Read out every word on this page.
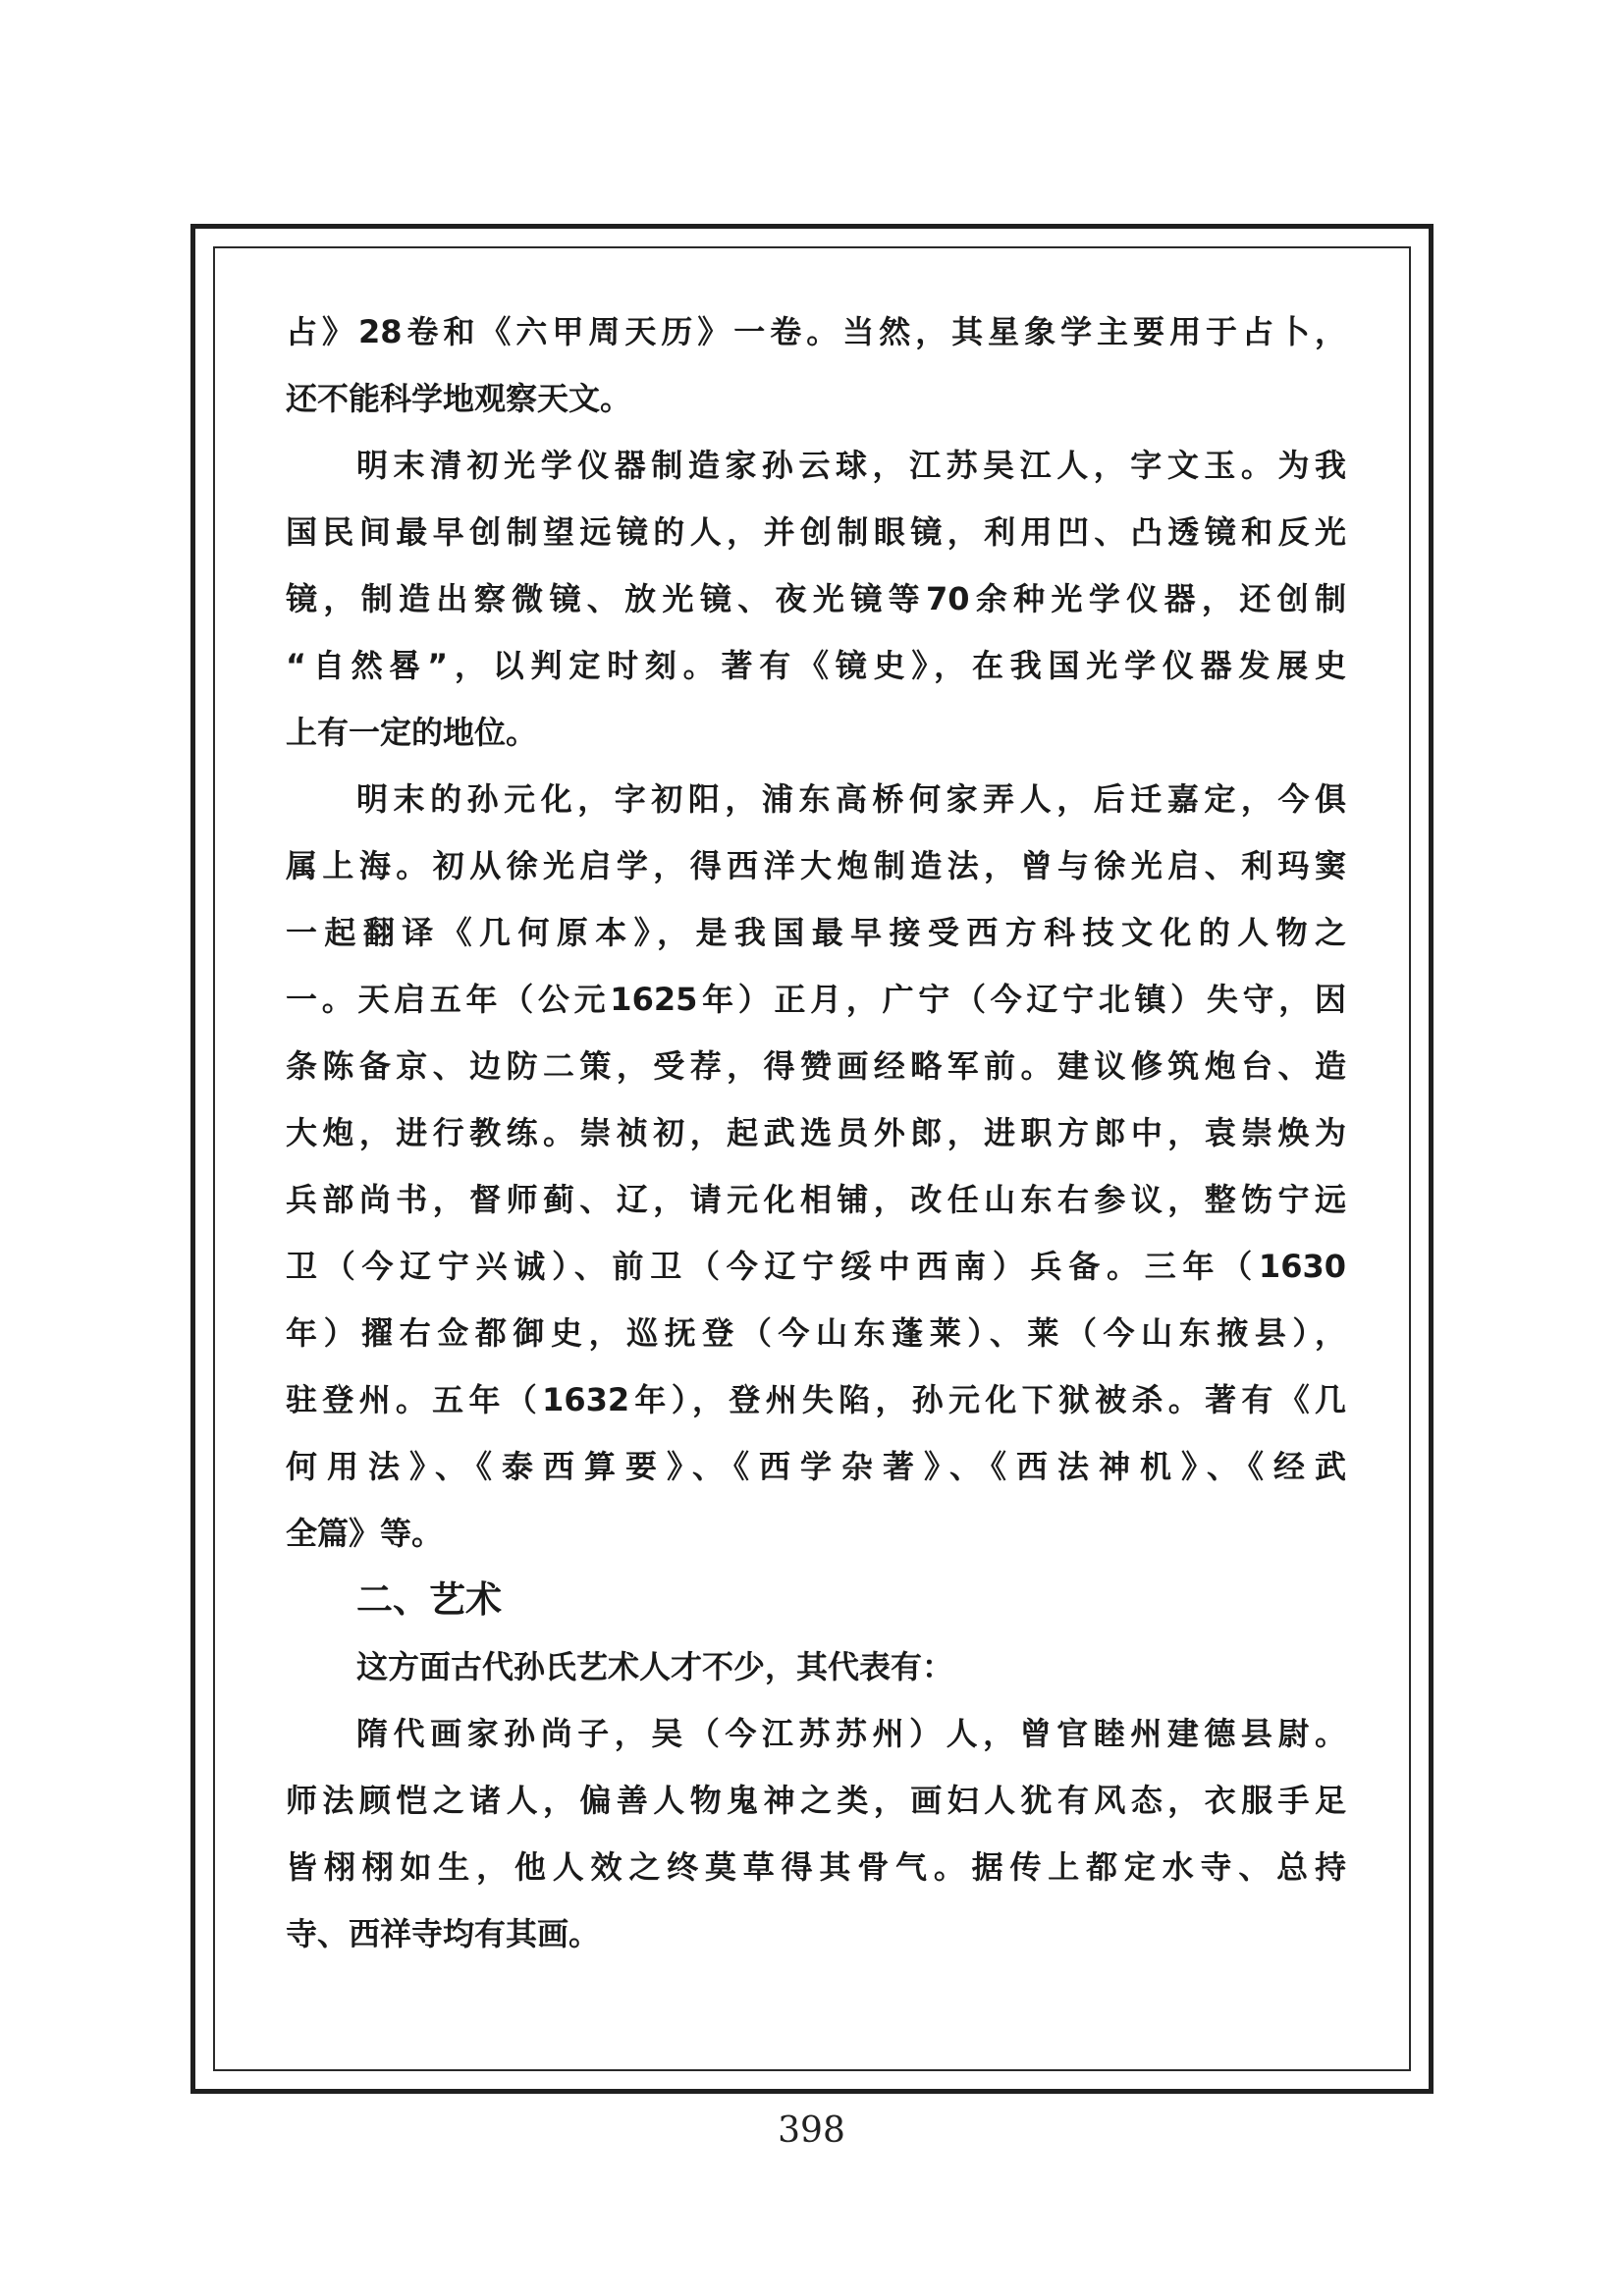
占》28卷和《六甲周天历》一卷。当然，其星象学主要用于占卜，
还不能科学地观察天文。
明末清初光学仪器制造家孙云球，江苏吴江人，字文玉。为我
国民间最早创制望远镜的人，并创制眼镜，利用凹、凸透镜和反光
镜，制造出察微镜、放光镜、夜光镜等70余种光学仪器，还创制
“自然晷”，以判定时刻。著有《镜史》，在我国光学仪器发展史
上有一定的地位。
明末的孙元化，字初阳，浦东高桥何家弄人，后迁嘉定，今俱
属上海。初从徐光启学，得西洋大炮制造法，曾与徐光启、利玛窦
一起翻译《几何原本》，是我国最早接受西方科技文化的人物之
一。天启五年（公元1625年）正月，广宁（今辽宁北镇）失守，因
条陈备京、边防二策，受荐，得赞画经略军前。建议修筑炮台、造
大炮，进行教练。崇祯初，起武选员外郎，进职方郎中，袁崇焕为
兵部尚书，督师蓟、辽，请元化相铺，改任山东右参议，整饬宁远
卫（今辽宁兴诚）、前卫（今辽宁绥中西南）兵备。三年（1630
年）擢右佥都御史，巡抚登（今山东蓬莱）、莱（今山东掖县），
驻登州。五年（1632年），登州失陷，孙元化下狱被杀。著有《几
何用法》、《泰西算要》、《西学杂著》、《西法神机》、《经武
全篇》等。
二、艺术
这方面古代孙氏艺术人才不少，其代表有：
隋代画家孙尚子，吴（今江苏苏州）人，曾官睦州建德县尉。
师法顾恺之诸人，偏善人物鬼神之类，画妇人犹有风态，衣服手足
皆栩栩如生，他人效之终莫草得其骨气。据传上都定水寺、总持
寺、西祥寺均有其画。
398
